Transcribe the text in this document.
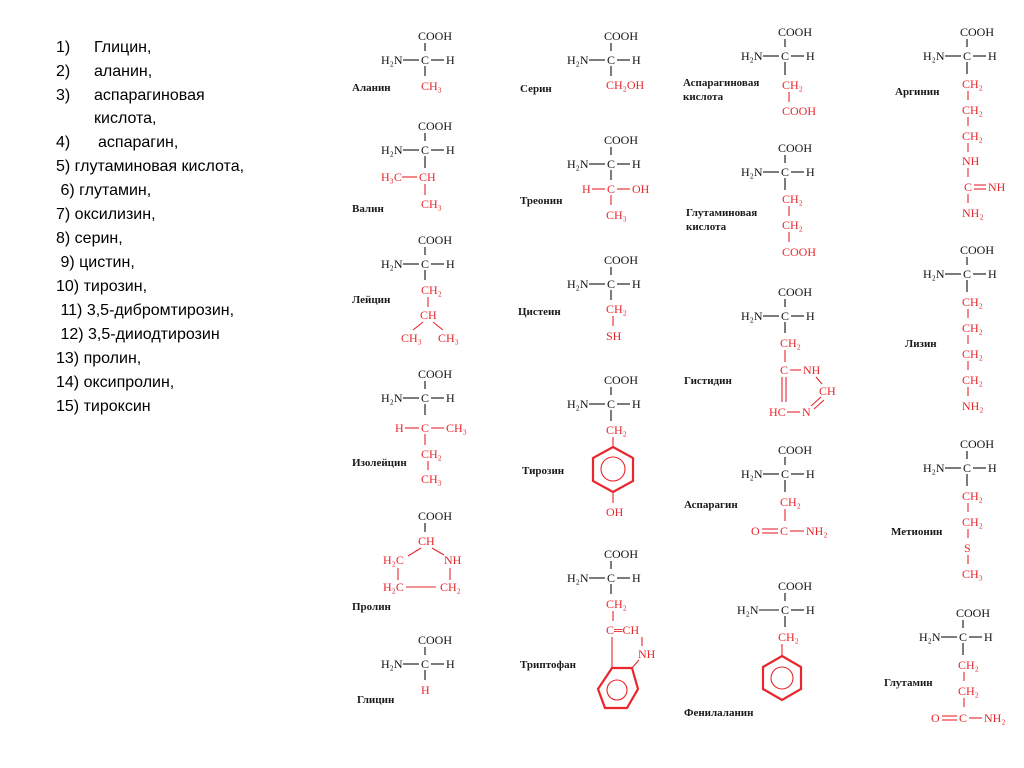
1) Глицин,
2) аланин,
3) аспарагиновая
кислота,
4) аспарагин,
5) глутаминовая кислота,
6) глутамин,
7) оксилизин,
8) серин,
9) цистин,
10) тирозин,
11) 3,5-дибромтирозин,
12) 3,5-дииодтирозин
13) пролин,
14) оксипролин,
15) тироксин
COOH
H₂N C H
CH₃
Аланин
COOH
H₂N C H
H₃C CH
CH₃
Валин
COOH
H₂N C H
CH₂
CH
CH₃ CH₃
Лейцин
COOH
H₂N C H
H C CH₃
CH₂
CH₃
Изолейцин
COOH
CH
H₂C	NH
H₂C	CH₂
Пролин
COOH
H₂N C H
H
Глицин
COOH
H₂N C H
CH₂OH
Серин
COOH
H₂N C H
H C OH
CH₃
Треонин
COOH
H₂N C H
CH₂
SH
Цистеин
COOH
H₂N C H
CH₂
OH
Тирозин
COOH
H₂N C H
CH₂
C═CH
NH
Триптофан
COOH
H₂N C H
CH₂
COOH
Аспарагиновая
кислота
COOH
H₂N C H
CH₂
CH₂
COOH
Глутаминовая
кислота
COOH
H₂N C H
CH₂
C NH
CH
HC N
Гистидин
COOH
H₂N C H
CH₂
O C NH₂
Аспарагин
COOH
H₂N C H
CH₂
Фенилаланин
COOH
H₂N C H
CH₂
CH₂
CH₂
NH
C NH
NH₂
Аргинин
COOH
H₂N C H
CH₂
CH₂
CH₂
CH₂
NH₂
Лизин
COOH
H₂N C H
CH₂
CH₂
S
CH₃
Метионин
COOH
H₂N C H
CH₂
CH₂
O C NH₂
Глутамин
